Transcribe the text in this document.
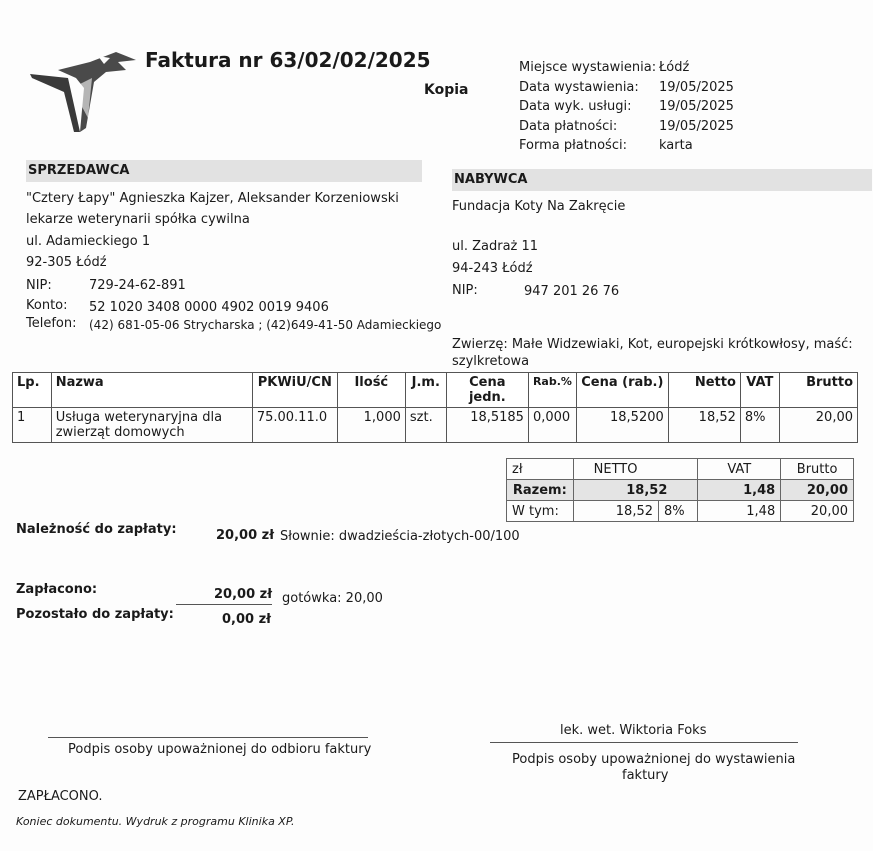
Faktura nr 63/02/02/2025
Kopia
Miejsce wystawienia: Łódź
Data wystawienia:	19/05/2025
Data wyk. usługi:	19/05/2025
Data płatności:	19/05/2025
Forma płatności:	karta
SPRZEDAWCA
"Cztery Łapy" Agnieszka Kajzer, Aleksander Korzeniowski
lekarze weterynarii spółka cywilna
ul. Adamieckiego 1
92-305 Łódź
NIP:	729-24-62-891
Konto: 52 1020 3408 0000 4902 0019 9406
Telefon: (42) 681-05-06 Strycharska ; (42)649-41-50 Adamieckiego
NABYWCA
Fundacja Koty Na Zakręcie
ul. Zadraż 11
94-243 Łódź
NIP:	947 201 26 76
Zwierzę: Małe Widzewiaki, Kot, europejski krótkowłosy, maść:
szylkretowa
Lp.	Nazwa	PKWiU/CN	Ilość	J.m.	Cena jedn.	Rab.%	Cena (rab.)	Netto	VAT	Brutto
1	Usługa weterynaryjna dla
zwierząt domowych	75.00.11.0	1,000	szt.	18,5185	0,000	18,5200	18,52	8%	20,00
zł	NETTO		VAT	Brutto
Razem:	18,52		1,48	20,00
W tym:	18,52	8%	1,48	20,00
Należność do zapłaty:	20,00 zł Słownie: dwadzieścia-złotych-00/100
Zapłacono:	20,00 zł gotówka: 20,00
Pozostało do zapłaty:	0,00 zł
Podpis osoby upoważnionej do odbioru faktury
lek. wet. Wiktoria Foks
Podpis osoby upoważnionej do wystawienia
faktury
ZAPŁACONO.
Koniec dokumentu. Wydruk z programu Klinika XP.
